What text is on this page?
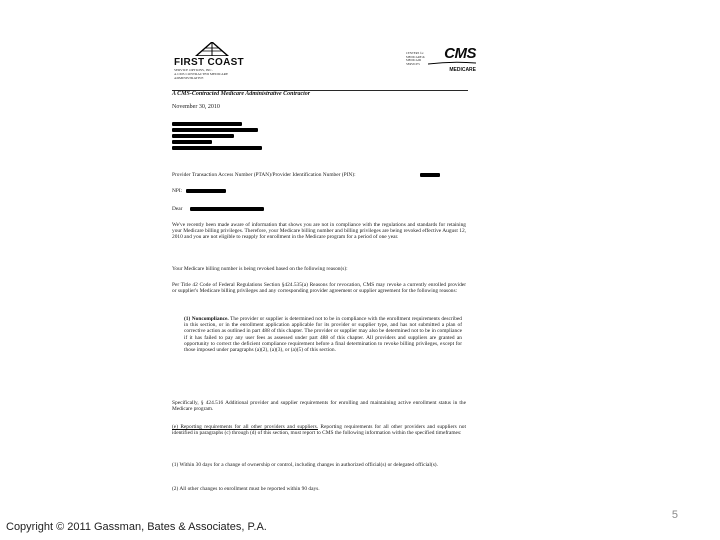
FIRST COAST
SERVICE OPTIONS, INC.
A CMS CONTRACTED MEDICARE ADMINISTRATIVE
CENTERS for MEDICARE & MEDICAID SERVICES
CMS
MEDICARE
A CMS-Contracted Medicare Administrative Contractor
November 30, 2010
Provider Transaction Access Number (PTAN)/Provider Identification Number (PIN):
NPI:
Dear
We've recently been made aware of information that shows you are not in compliance with the regulations and standards for retaining your Medicare billing privileges. Therefore, your Medicare billing number and billing privileges are being revoked effective August 12, 2010 and you are not eligible to reapply for enrollment in the Medicare program for a period of one year.
Your Medicare billing number is being revoked based on the following reason(s):
Per Title 42 Code of Federal Regulations Section §424.535(a) Reasons for revocation, CMS may revoke a currently enrolled provider or supplier's Medicare billing privileges and any corresponding provider agreement or supplier agreement for the following reasons:
(1) Noncompliance. The provider or supplier is determined not to be in compliance with the enrollment requirements described in this section, or in the enrollment application applicable for its provider or supplier type, and has not submitted a plan of corrective action as outlined in part 488 of this chapter. The provider or supplier may also be determined not to be in compliance if it has failed to pay any user fees as assessed under part 488 of this chapter. All providers and suppliers are granted an opportunity to correct the deficient compliance requirement before a final determination to revoke billing privileges, except for those imposed under paragraphs (a)(2), (a)(3), or (a)(5) of this section.
Specifically, § 424.516 Additional provider and supplier requirements for enrolling and maintaining active enrollment status in the Medicare program.
(e) Reporting requirements for all other providers and suppliers. Reporting requirements for all other providers and suppliers not identified in paragraphs (c) through (d) of this section, must report to CMS the following information within the specified timeframes:
(1) Within 30 days for a change of ownership or control, including changes in authorized official(s) or delegated official(s).
(2) All other changes to enrollment must be reported within 90 days.
5
Copyright © 2011 Gassman, Bates & Associates, P.A.
